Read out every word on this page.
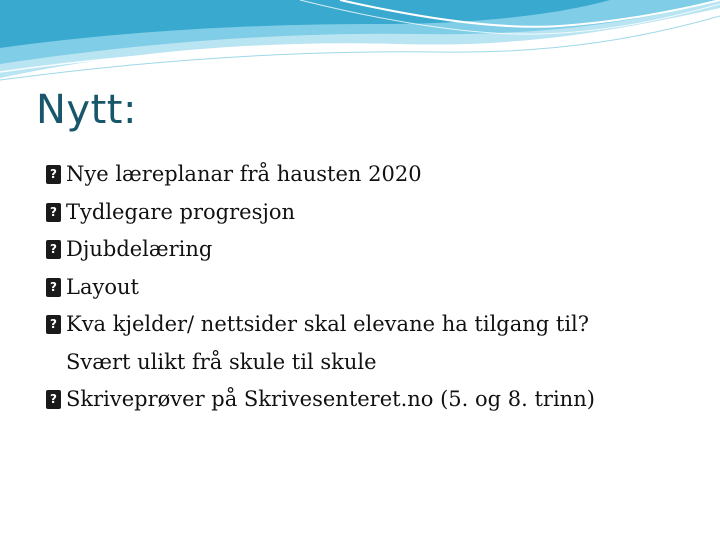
Nytt:
?
Nye læreplanar frå hausten 2020
?
Tydlegare progresjon
?
Djubdelæring
?
Layout
?
Kva kjelder/ nettsider skal elevane ha tilgang til?
Svært ulikt frå skule til skule
?
Skriveprøver på Skrivesenteret.no (5. og 8. trinn)
